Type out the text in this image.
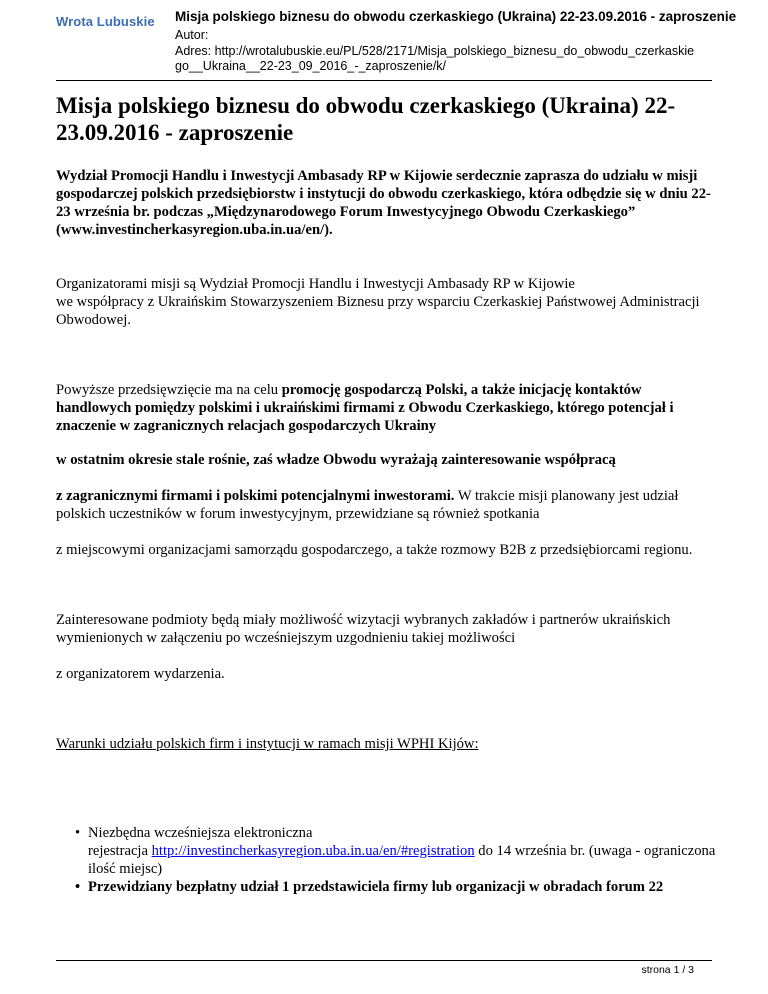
Wrota Lubuskie Misja polskiego biznesu do obwodu czerkaskiego (Ukraina) 22-23.09.2016 - zaproszenie
Autor:
Adres: http://wrotalubuskie.eu/PL/528/2171/Misja_polskiego_biznesu_do_obwodu_czerkaskie
go__Ukraina__22-23_09_2016_-_zaproszenie/k/
Misja polskiego biznesu do obwodu czerkaskiego (Ukraina) 22-23.09.2016 - zaproszenie

Wydział Promocji Handlu i Inwestycji Ambasady RP w Kijowie serdecznie zaprasza do udziału w misji gospodarczej polskich przedsiębiorstw i instytucji do obwodu czerkaskiego, która odbędzie się w dniu 22- 23 września br. podczas „Międzynarodowego Forum Inwestycyjnego Obwodu Czerkaskiego” (www.investincherkasyregion.uba.in.ua/en/).

Organizatorami misji są Wydział Promocji Handlu i Inwestycji Ambasady RP w Kijowie
we współpracy z Ukraińskim Stowarzyszeniem Biznesu przy wsparciu Czerkaskiej Państwowej Administracji Obwodowej.

Powyższe przedsięwzięcie ma na celu promocję gospodarczą Polski, a także inicjację kontaktów handlowych pomiędzy polskimi i ukraińskimi firmami z Obwodu Czerkaskiego, którego potencjał i znaczenie w zagranicznych relacjach gospodarczych Ukrainy

w ostatnim okresie stale rośnie, zaś władze Obwodu wyrażają zainteresowanie współpracą

z zagranicznymi firmami i polskimi potencjalnymi inwestorami. W trakcie misji planowany jest udział polskich uczestników w forum inwestycyjnym, przewidziane są również spotkania

z miejscowymi organizacjami samorządu gospodarczego, a także rozmowy B2B z przedsiębiorcami regionu.

Zainteresowane podmioty będą miały możliwość wizytacji wybranych zakładów i partnerów ukraińskich wymienionych w załączeniu po wcześniejszym uzgodnieniu takiej możliwości

z organizatorem wydarzenia.

Warunki udziału polskich firm i instytucji w ramach misji WPHI Kijów:

• Niezbędna wcześniejsza elektroniczna
rejestracja http://investincherkasyregion.uba.in.ua/en/#registration do 14 września br. (uwaga - ograniczona ilość miejsc)
• Przewidziany bezpłatny udział 1 przedstawiciela firmy lub organizacji w obradach forum 22
strona 1 / 3
